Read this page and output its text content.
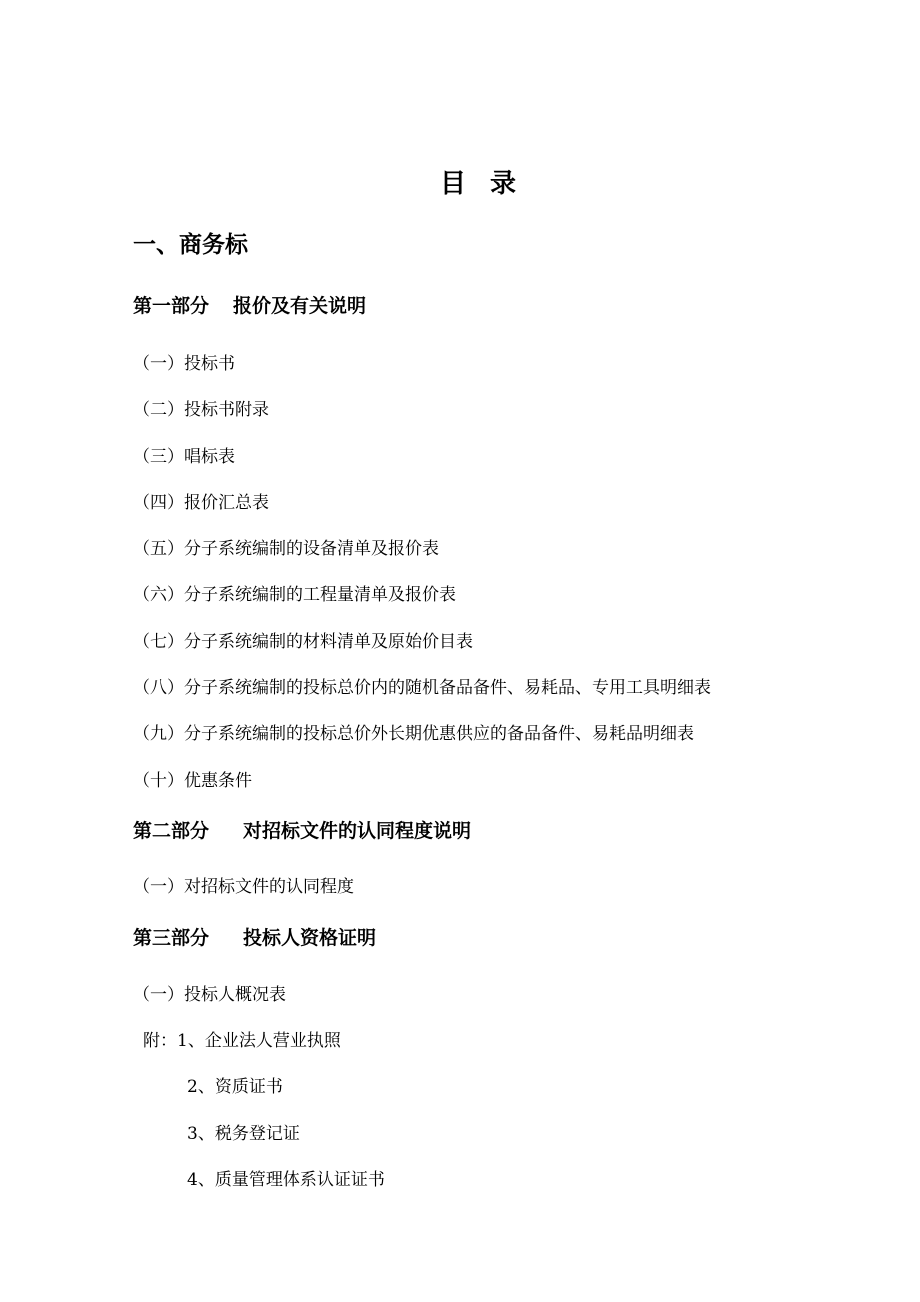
目录
一、商务标
第一部分 报价及有关说明
（一）投标书
（二）投标书附录
（三）唱标表
（四）报价汇总表
（五）分子系统编制的设备清单及报价表
（六）分子系统编制的工程量清单及报价表
（七）分子系统编制的材料清单及原始价目表
（八）分子系统编制的投标总价内的随机备品备件、易耗品、专用工具明细表
（九）分子系统编制的投标总价外长期优惠供应的备品备件、易耗品明细表
（十）优惠条件
第二部分 对招标文件的认同程度说明
（一）对招标文件的认同程度
第三部分 投标人资格证明
（一）投标人概况表
附：1、企业法人营业执照
2、资质证书
3、税务登记证
4、质量管理体系认证证书
